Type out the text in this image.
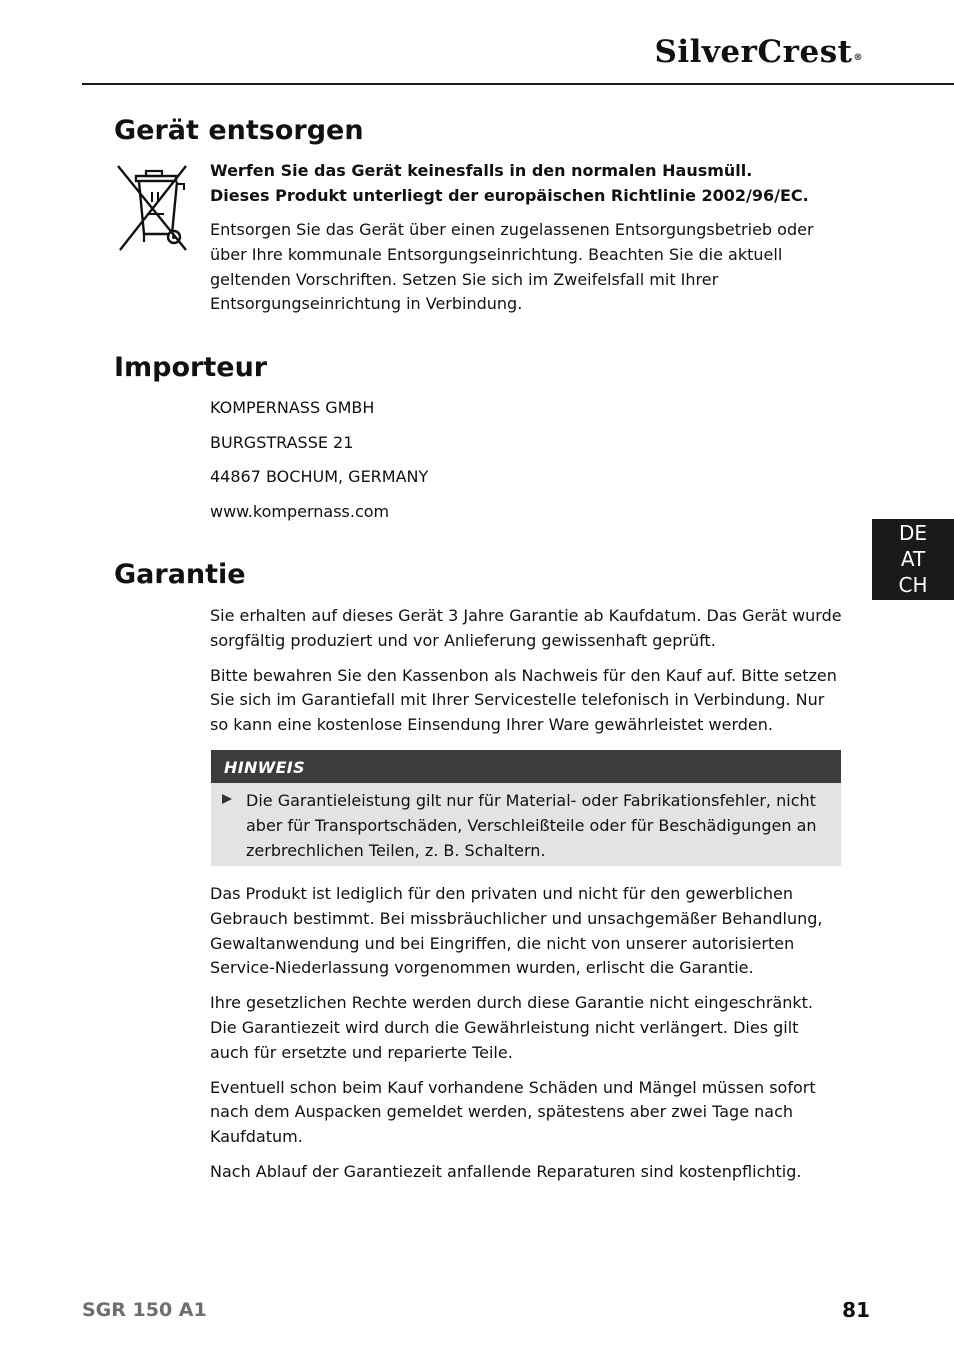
SilverCrest®
DE
AT
CH
Gerät entsorgen

Werfen Sie das Gerät keinesfalls in den normalen Hausmüll.

Dieses Produkt unterliegt der europäischen Richtlinie 2002/96/EC.

Entsorgen Sie das Gerät über einen zugelassenen Entsorgungsbetrieb oder über Ihre kommunale Entsorgungseinrichtung. Beachten Sie die aktuell geltenden Vorschriften. Setzen Sie sich im Zweifelsfall mit Ihrer Entsorgungseinrichtung in Verbindung.

Importeur
KOMPERNASS GMBH
BURGSTRASSE 21
44867 BOCHUM, GERMANY
www.kompernass.com
Garantie

Sie erhalten auf dieses Gerät 3 Jahre Garantie ab Kaufdatum. Das Gerät wurde sorgfältig produziert und vor Anlieferung gewissenhaft geprüft.

Bitte bewahren Sie den Kassenbon als Nachweis für den Kauf auf. Bitte setzen Sie sich im Garantiefall mit Ihrer Servicestelle telefonisch in Verbindung. Nur so kann eine kostenlose Einsendung Ihrer Ware gewährleistet werden.

HINWEIS
Die Garantieleistung gilt nur für Material- oder Fabrikationsfehler, nicht aber für Transportschäden, Verschleißteile oder für Beschädigungen an zerbrechlichen Teilen, z. B. Schaltern.

Das Produkt ist lediglich für den privaten und nicht für den gewerblichen Gebrauch bestimmt. Bei missbräuchlicher und unsachgemäßer Behandlung, Gewaltanwendung und bei Eingriffen, die nicht von unserer autorisierten Service-Niederlassung vorgenommen wurden, erlischt die Garantie.

Ihre gesetzlichen Rechte werden durch diese Garantie nicht eingeschränkt.

Die Garantiezeit wird durch die Gewährleistung nicht verlängert. Dies gilt auch für ersetzte und reparierte Teile.

Eventuell schon beim Kauf vorhandene Schäden und Mängel müssen sofort nach dem Auspacken gemeldet werden, spätestens aber zwei Tage nach Kaufdatum.

Nach Ablauf der Garantiezeit anfallende Reparaturen sind kostenpflichtig.

SGR 150 A1	81
